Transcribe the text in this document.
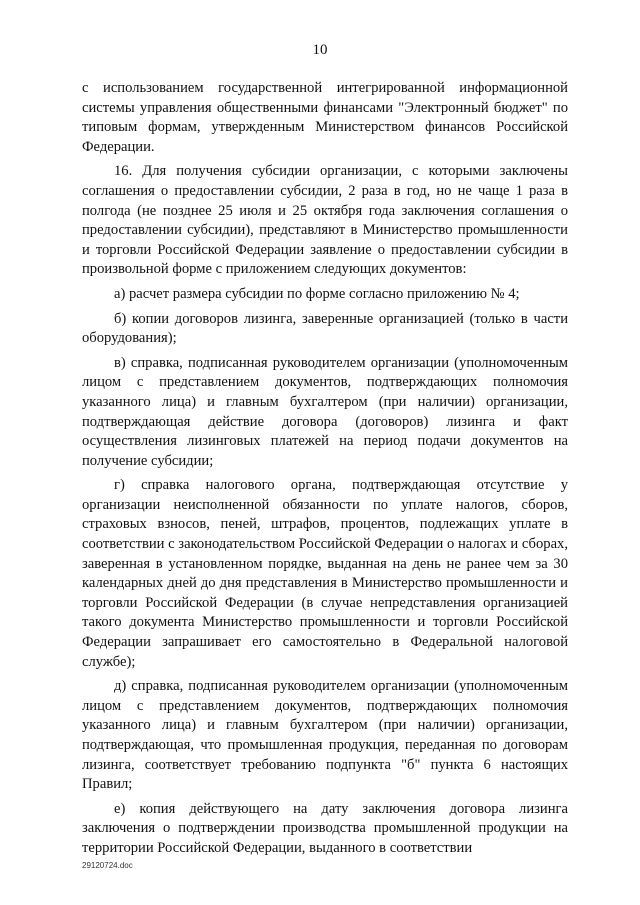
10

с использованием государственной интегрированной информационной системы управления общественными финансами "Электронный бюджет" по типовым формам, утвержденным Министерством финансов Российской Федерации.

16. Для получения субсидии организации, с которыми заключены соглашения о предоставлении субсидии, 2 раза в год, но не чаще 1 раза в полгода (не позднее 25 июля и 25 октября года заключения соглашения о предоставлении субсидии), представляют в Министерство промышленности и торговли Российской Федерации заявление о предоставлении субсидии в произвольной форме с приложением следующих документов:

а) расчет размера субсидии по форме согласно приложению № 4;

б) копии договоров лизинга, заверенные организацией (только в части оборудования);

в) справка, подписанная руководителем организации (уполномоченным лицом с представлением документов, подтверждающих полномочия указанного лица) и главным бухгалтером (при наличии) организации, подтверждающая действие договора (договоров) лизинга и факт осуществления лизинговых платежей на период подачи документов на получение субсидии;

г) справка налогового органа, подтверждающая отсутствие у организации неисполненной обязанности по уплате налогов, сборов, страховых взносов, пеней, штрафов, процентов, подлежащих уплате в соответствии с законодательством Российской Федерации о налогах и сборах, заверенная в установленном порядке, выданная на день не ранее чем за 30 календарных дней до дня представления в Министерство промышленности и торговли Российской Федерации (в случае непредставления организацией такого документа Министерство промышленности и торговли Российской Федерации запрашивает его самостоятельно в Федеральной налоговой службе);

д) справка, подписанная руководителем организации (уполномоченным лицом с представлением документов, подтверждающих полномочия указанного лица) и главным бухгалтером (при наличии) организации, подтверждающая, что промышленная продукция, переданная по договорам лизинга, соответствует требованию подпункта "б" пункта 6 настоящих Правил;

е) копия действующего на дату заключения договора лизинга заключения о подтверждении производства промышленной продукции на территории Российской Федерации, выданного в соответствии

29120724.doc
